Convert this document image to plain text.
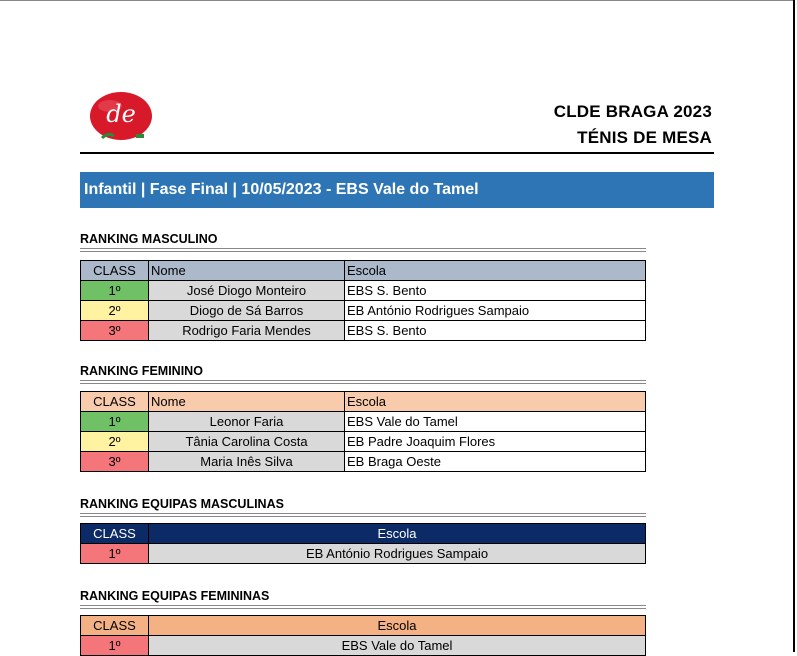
de	CLDE BRAGA 2023
TÉNIS DE MESA
Infantil | Fase Final | 10/05/2023 - EBS Vale do Tamel
RANKING MASCULINO
CLASS	Nome	Escola
1º	José Diogo Monteiro	EBS S. Bento
2º	Diogo de Sá Barros	EB António Rodrigues Sampaio
3º	Rodrigo Faria Mendes	EBS S. Bento
RANKING FEMININO
CLASS	Nome	Escola
1º	Leonor Faria	EBS Vale do Tamel
2º	Tânia Carolina Costa	EB Padre Joaquim Flores
3º	Maria Inês Silva	EB Braga Oeste
RANKING EQUIPAS MASCULINAS
CLASS	Escola
1º	EB António Rodrigues Sampaio
RANKING EQUIPAS FEMININAS
CLASS	Escola
1º	EBS Vale do Tamel
